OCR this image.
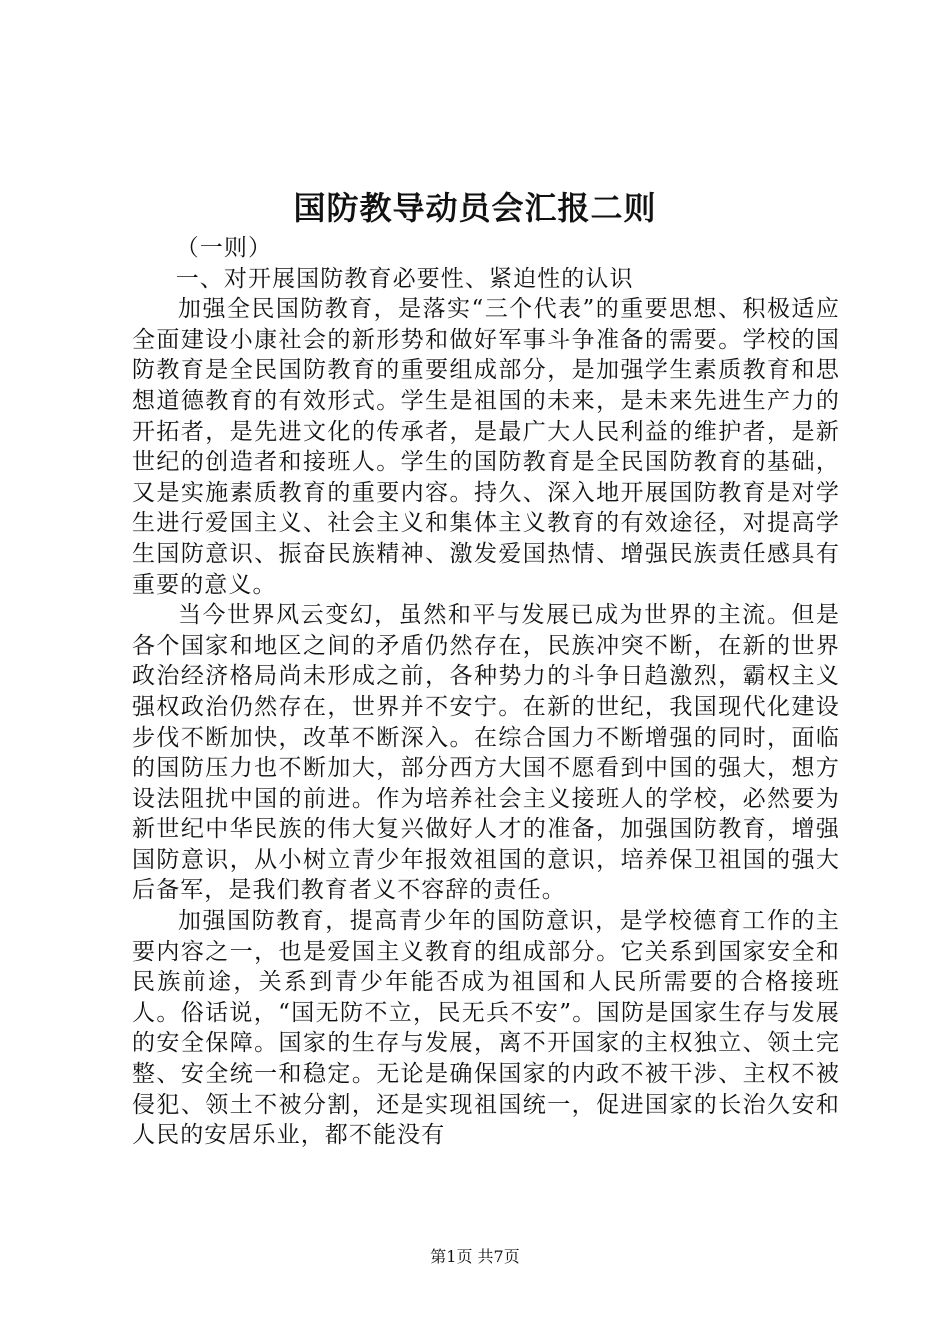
国防教导动员会汇报二则

（一则）

一、对开展国防教育必要性、紧迫性的认识

加强全民国防教育，是落实“三个代表”的重要思想、积极适应全面建设小康社会的新形势和做好军事斗争准备的需要。学校的国防教育是全民国防教育的重要组成部分，是加强学生素质教育和思想道德教育的有效形式。学生是祖国的未来，是未来先进生产力的开拓者，是先进文化的传承者，是最广大人民利益的维护者，是新世纪的创造者和接班人。学生的国防教育是全民国防教育的基础，又是实施素质教育的重要内容。持久、深入地开展国防教育是对学生进行爱国主义、社会主义和集体主义教育的有效途径，对提高学生国防意识、振奋民族精神、激发爱国热情、增强民族责任感具有重要的意义。

当今世界风云变幻，虽然和平与发展已成为世界的主流。但是各个国家和地区之间的矛盾仍然存在，民族冲突不断，在新的世界政治经济格局尚未形成之前，各种势力的斗争日趋激烈，霸权主义强权政治仍然存在，世界并不安宁。在新的世纪，我国现代化建设步伐不断加快，改革不断深入。在综合国力不断增强的同时，面临的国防压力也不断加大，部分西方大国不愿看到中国的强大，想方设法阻扰中国的前进。作为培养社会主义接班人的学校，必然要为新世纪中华民族的伟大复兴做好人才的准备，加强国防教育，增强国防意识，从小树立青少年报效祖国的意识，培养保卫祖国的强大后备军，是我们教育者义不容辞的责任。

加强国防教育，提高青少年的国防意识，是学校德育工作的主要内容之一，也是爱国主义教育的组成部分。它关系到国家安全和民族前途，关系到青少年能否成为祖国和人民所需要的合格接班人。俗话说，“国无防不立，民无兵不安”。国防是国家生存与发展的安全保障。国家的生存与发展，离不开国家的主权独立、领土完整、安全统一和稳定。无论是确保国家的内政不被干涉、主权不被侵犯、领土不被分割，还是实现祖国统一，促进国家的长治久安和人民的安居乐业，都不能没有

第1页 共7页
